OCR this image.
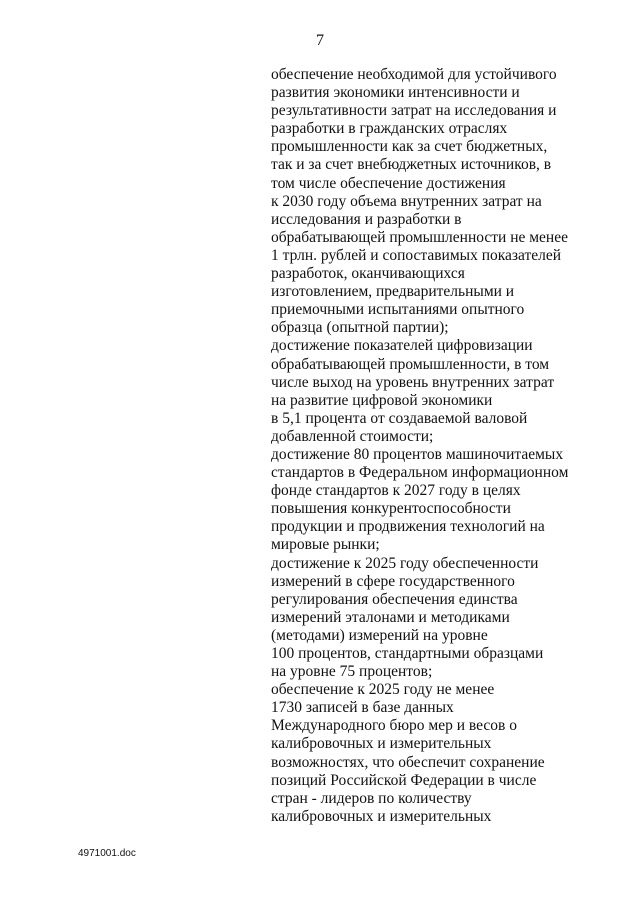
7
обеспечение необходимой для устойчивого
развития экономики интенсивности и
результативности затрат на исследования и
разработки в гражданских отраслях
промышленности как за счет бюджетных,
так и за счет внебюджетных источников, в
том числе обеспечение достижения
к 2030 году объема внутренних затрат на
исследования и разработки в
обрабатывающей промышленности не менее
1 трлн. рублей и сопоставимых показателей
разработок, оканчивающихся
изготовлением, предварительными и
приемочными испытаниями опытного
образца (опытной партии);
достижение показателей цифровизации
обрабатывающей промышленности, в том
числе выход на уровень внутренних затрат
на развитие цифровой экономики
в 5,1 процента от создаваемой валовой
добавленной стоимости;
достижение 80 процентов машиночитаемых
стандартов в Федеральном информационном
фонде стандартов к 2027 году в целях
повышения конкурентоспособности
продукции и продвижения технологий на
мировые рынки;
достижение к 2025 году обеспеченности
измерений в сфере государственного
регулирования обеспечения единства
измерений эталонами и методиками
(методами) измерений на уровне
100 процентов, стандартными образцами
на уровне 75 процентов;
обеспечение к 2025 году не менее
1730 записей в базе данных
Международного бюро мер и весов о
калибровочных и измерительных
возможностях, что обеспечит сохранение
позиций Российской Федерации в числе
стран - лидеров по количеству
калибровочных и измерительных
4971001.doc
